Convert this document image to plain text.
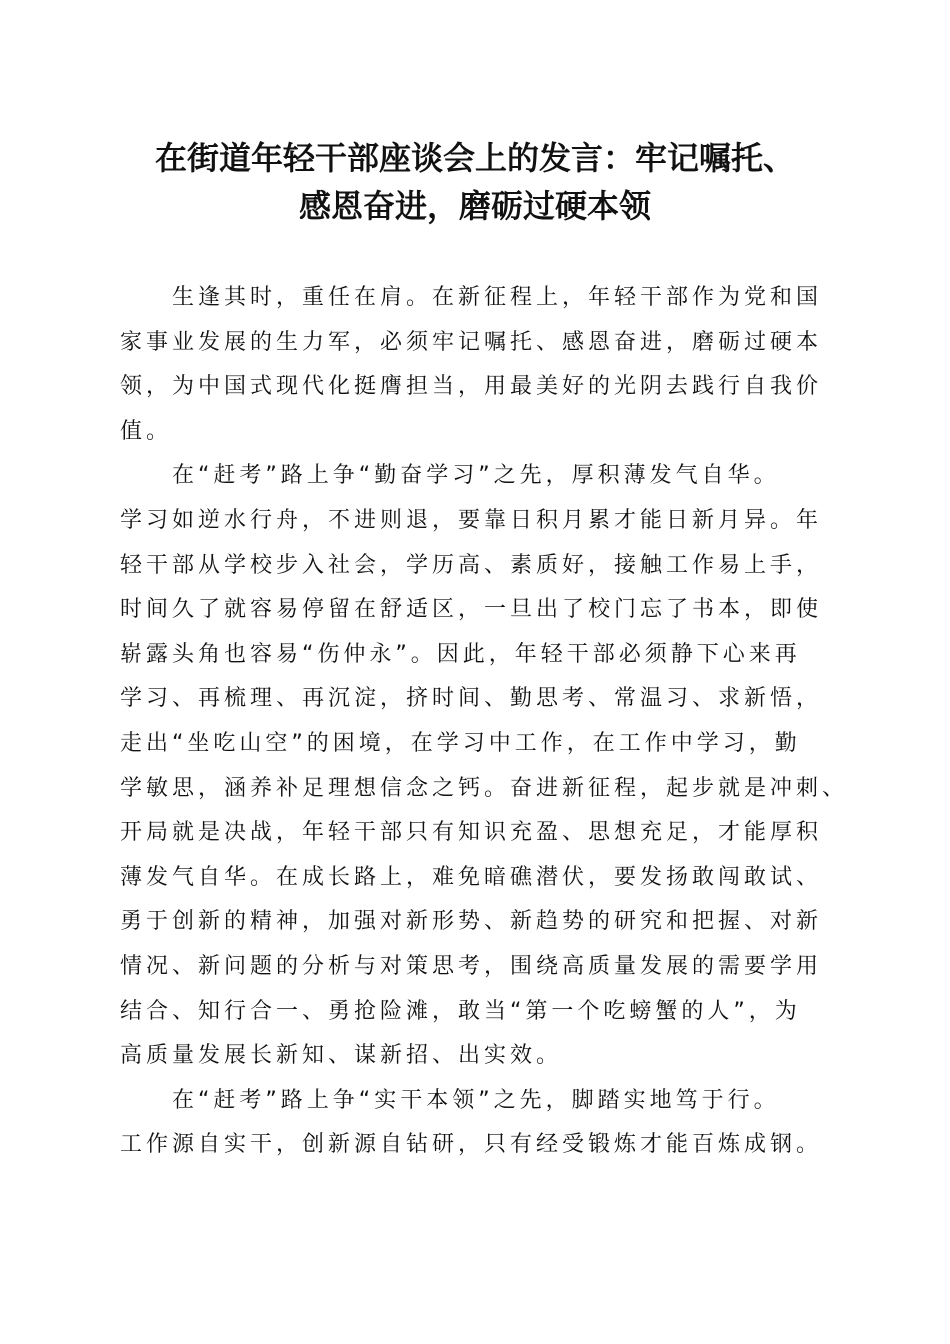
在街道年轻干部座谈会上的发言：牢记嘱托、
感恩奋进，磨砺过硬本领
生逢其时，重任在肩。在新征程上，年轻干部作为党和国
家事业发展的生力军，必须牢记嘱托、感恩奋进，磨砺过硬本
领，为中国式现代化挺膺担当，用最美好的光阴去践行自我价
值。
在“赶考”路上争“勤奋学习”之先，厚积薄发气自华。
学习如逆水行舟，不进则退，要靠日积月累才能日新月异。年
轻干部从学校步入社会，学历高、素质好，接触工作易上手，
时间久了就容易停留在舒适区，一旦出了校门忘了书本，即使
崭露头角也容易“伤仲永”。因此，年轻干部必须静下心来再
学习、再梳理、再沉淀，挤时间、勤思考、常温习、求新悟，
走出“坐吃山空”的困境，在学习中工作，在工作中学习，勤
学敏思，涵养补足理想信念之钙。奋进新征程，起步就是冲刺、
开局就是决战，年轻干部只有知识充盈、思想充足，才能厚积
薄发气自华。在成长路上，难免暗礁潜伏，要发扬敢闯敢试、
勇于创新的精神，加强对新形势、新趋势的研究和把握、对新
情况、新问题的分析与对策思考，围绕高质量发展的需要学用
结合、知行合一、勇抢险滩，敢当“第一个吃螃蟹的人”，为
高质量发展长新知、谋新招、出实效。
在“赶考”路上争“实干本领”之先，脚踏实地笃于行。
工作源自实干，创新源自钻研，只有经受锻炼才能百炼成钢。
